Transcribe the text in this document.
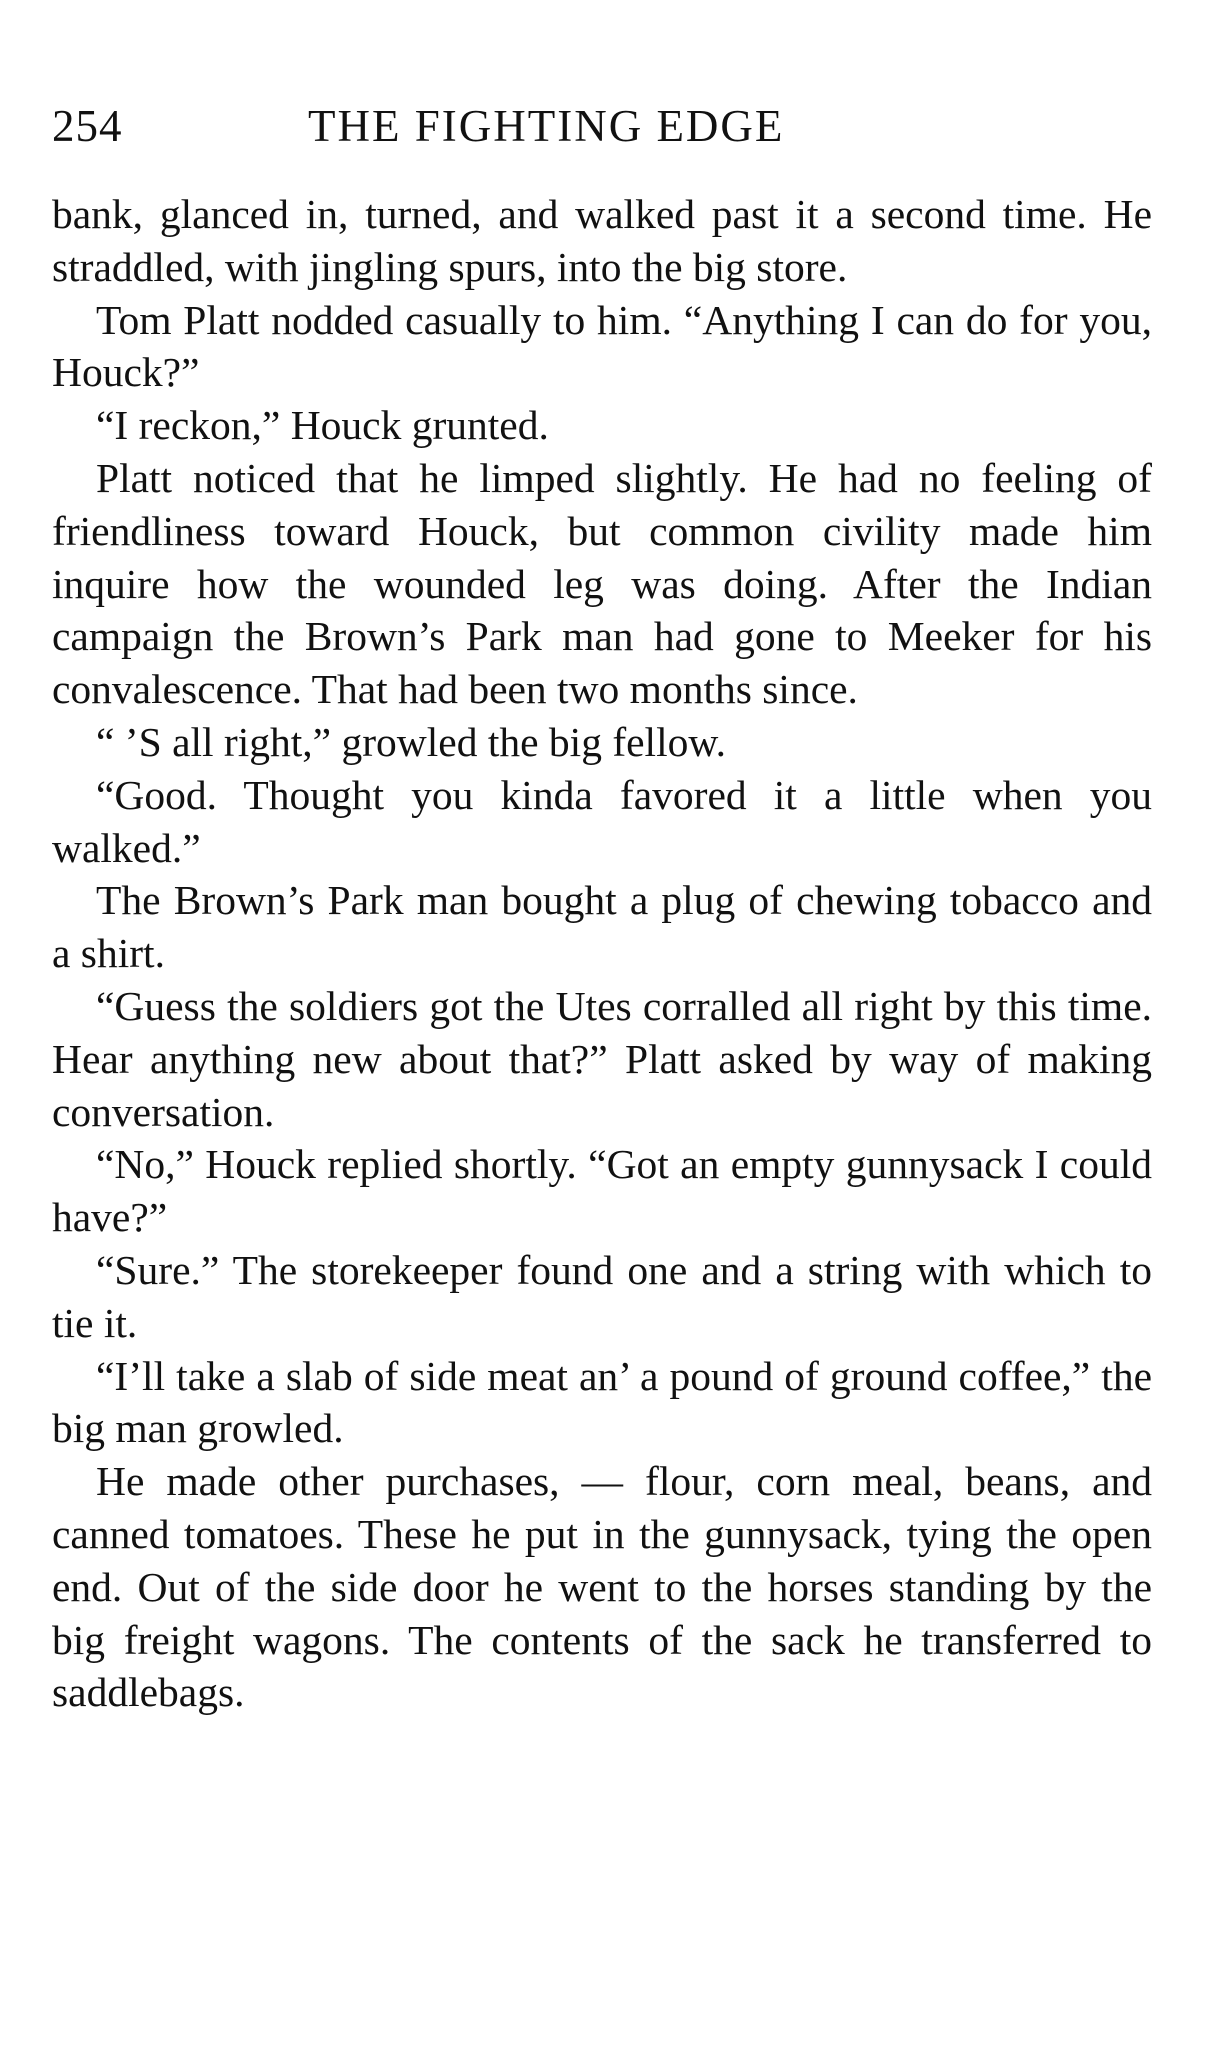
254	THE FIGHTING EDGE

bank, glanced in, turned, and walked past it a second time. He straddled, with jingling spurs, into the big store.

Tom Platt nodded casually to him. “Anything I can do for you, Houck?”

“I reckon,” Houck grunted.

Platt noticed that he limped slightly. He had no feeling of friendliness toward Houck, but common civility made him inquire how the wounded leg was doing. After the Indian campaign the Brown’s Park man had gone to Meeker for his convalescence. That had been two months since.

“ ’S all right,” growled the big fellow.

“Good. Thought you kinda favored it a little when you walked.”

The Brown’s Park man bought a plug of chewing tobacco and a shirt.

“Guess the soldiers got the Utes corralled all right by this time. Hear anything new about that?” Platt asked by way of making conversation.

“No,” Houck replied shortly. “Got an empty gunnysack I could have?”

“Sure.” The storekeeper found one and a string with which to tie it.

“I’ll take a slab of side meat an’ a pound of ground coffee,” the big man growled.

He made other purchases, — flour, corn meal, beans, and canned tomatoes. These he put in the gunnysack, tying the open end. Out of the side door he went to the horses standing by the big freight wagons. The contents of the sack he transferred to saddlebags.
